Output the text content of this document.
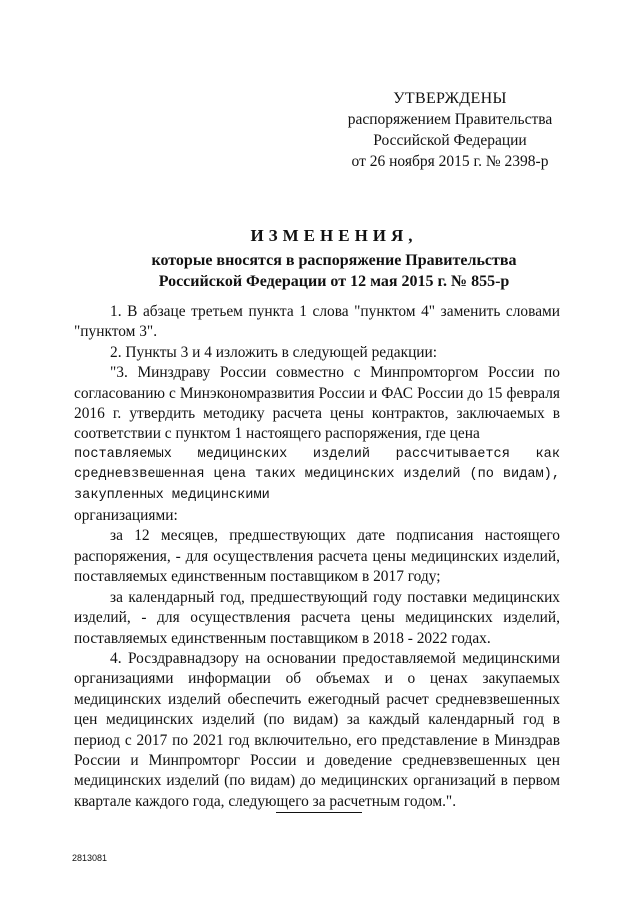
УТВЕРЖДЕНЫ
распоряжением Правительства
Российской Федерации
от 26 ноября 2015 г. № 2398-р
ИЗМЕНЕНИЯ,
которые вносятся в распоряжение Правительства
Российской Федерации от 12 мая 2015 г. № 855-р

1. В абзаце третьем пункта 1 слова "пунктом 4" заменить словами "пунктом 3".

2. Пункты 3 и 4 изложить в следующей редакции:

"3. Минздраву России совместно с Минпромторгом России по согласованию с Минэкономразвития России и ФАС России до 15 февраля 2016 г. утвердить методику расчета цены контрактов, заключаемых в соответствии с пунктом 1 настоящего распоряжения, где цена

поставляемых медицинских изделий рассчитывается как средневзвешенная цена таких медицинских изделий (по видам), закупленных медицинскими

организациями:

за 12 месяцев, предшествующих дате подписания настоящего распоряжения, - для осуществления расчета цены медицинских изделий, поставляемых единственным поставщиком в 2017 году;

за календарный год, предшествующий году поставки медицинских изделий, - для осуществления расчета цены медицинских изделий, поставляемых единственным поставщиком в 2018 - 2022 годах.

4. Росздравнадзору на основании предоставляемой медицинскими организациями информации об объемах и о ценах закупаемых медицинских изделий обеспечить ежегодный расчет средневзвешенных цен медицинских изделий (по видам) за каждый календарный год в период с 2017 по 2021 год включительно, его представление в Минздрав России и Минпромторг России и доведение средневзвешенных цен медицинских изделий (по видам) до медицинских организаций в первом квартале каждого года, следующего за расчетным годом.".

2813081
